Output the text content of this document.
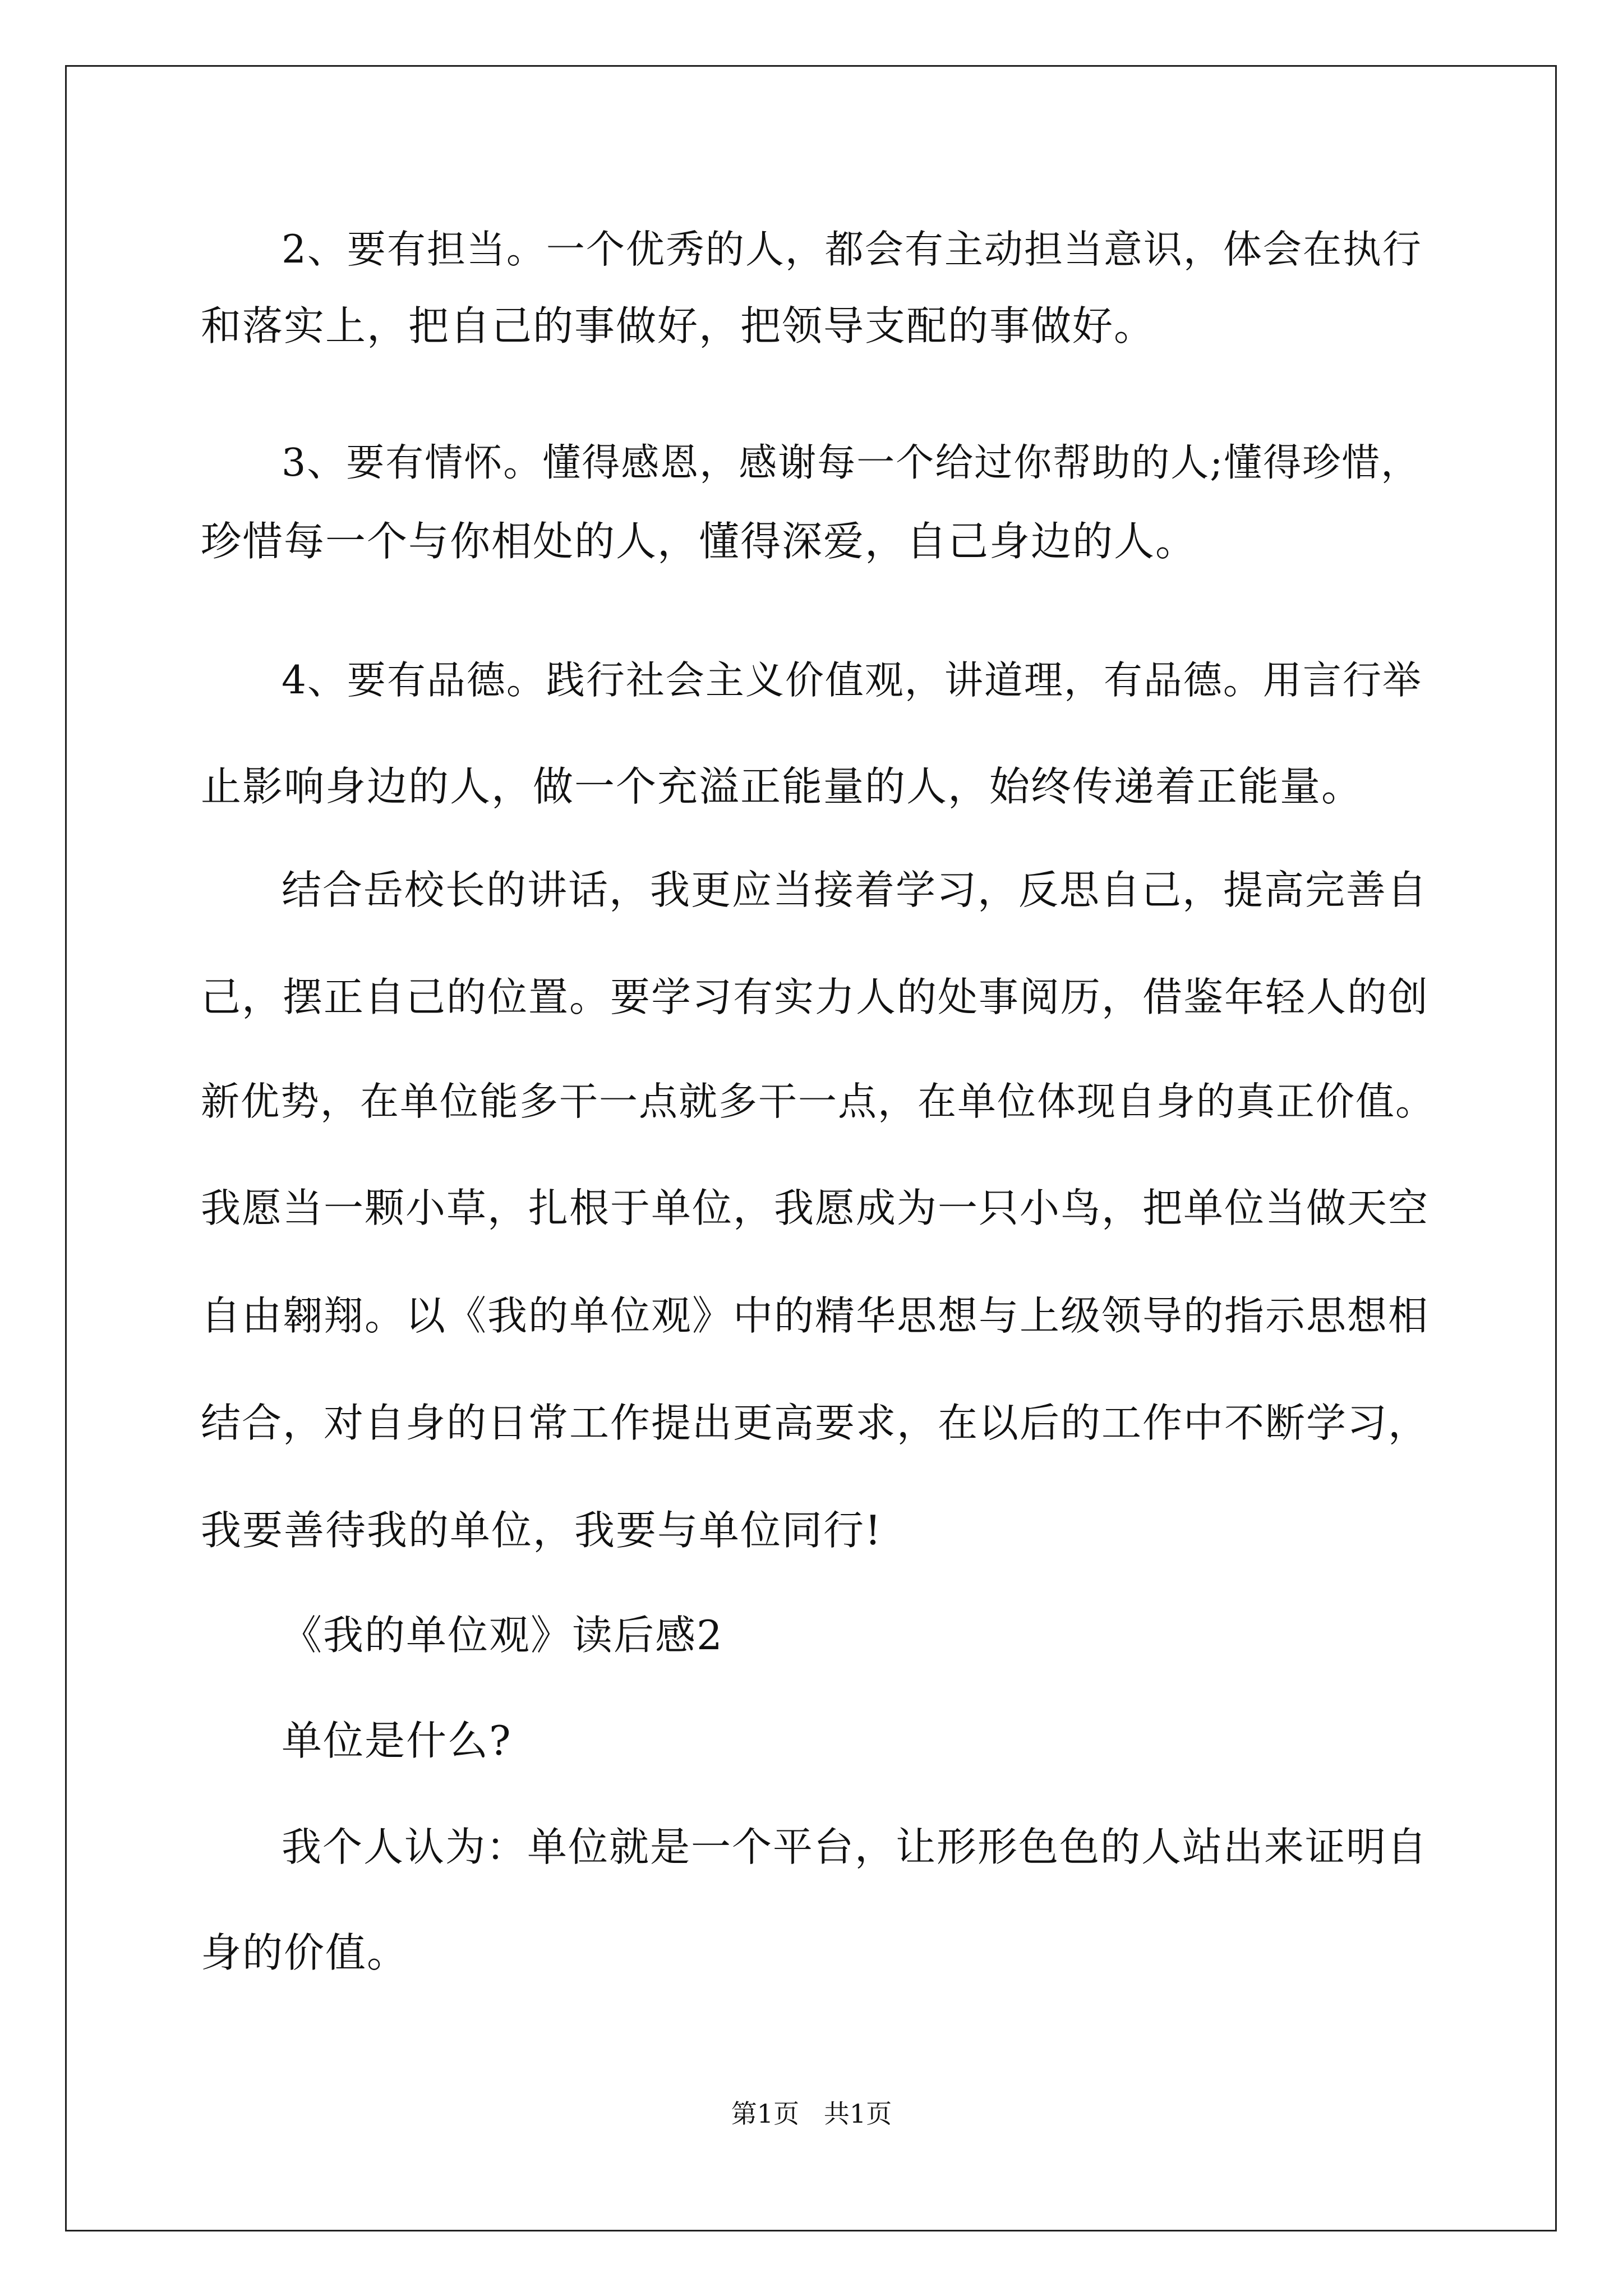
2、要有担当。一个优秀的人，都会有主动担当意识，体会在执行

和落实上，把自己的事做好，把领导支配的事做好。

3、要有情怀。懂得感恩，感谢每一个给过你帮助的人;懂得珍惜，

珍惜每一个与你相处的人，懂得深爱，自己身边的人。

4、要有品德。践行社会主义价值观，讲道理，有品德。用言行举

止影响身边的人，做一个充溢正能量的人，始终传递着正能量。

结合岳校长的讲话，我更应当接着学习，反思自己，提高完善自

己，摆正自己的位置。要学习有实力人的处事阅历，借鉴年轻人的创

新优势，在单位能多干一点就多干一点，在单位体现自身的真正价值。

我愿当一颗小草，扎根于单位，我愿成为一只小鸟，把单位当做天空

自由翱翔。以《我的单位观》中的精华思想与上级领导的指示思想相

结合，对自身的日常工作提出更高要求，在以后的工作中不断学习，

我要善待我的单位，我要与单位同行!

《我的单位观》读后感2

单位是什么?

我个人认为：单位就是一个平台，让形形色色的人站出来证明自

身的价值。

第1页   共1页
